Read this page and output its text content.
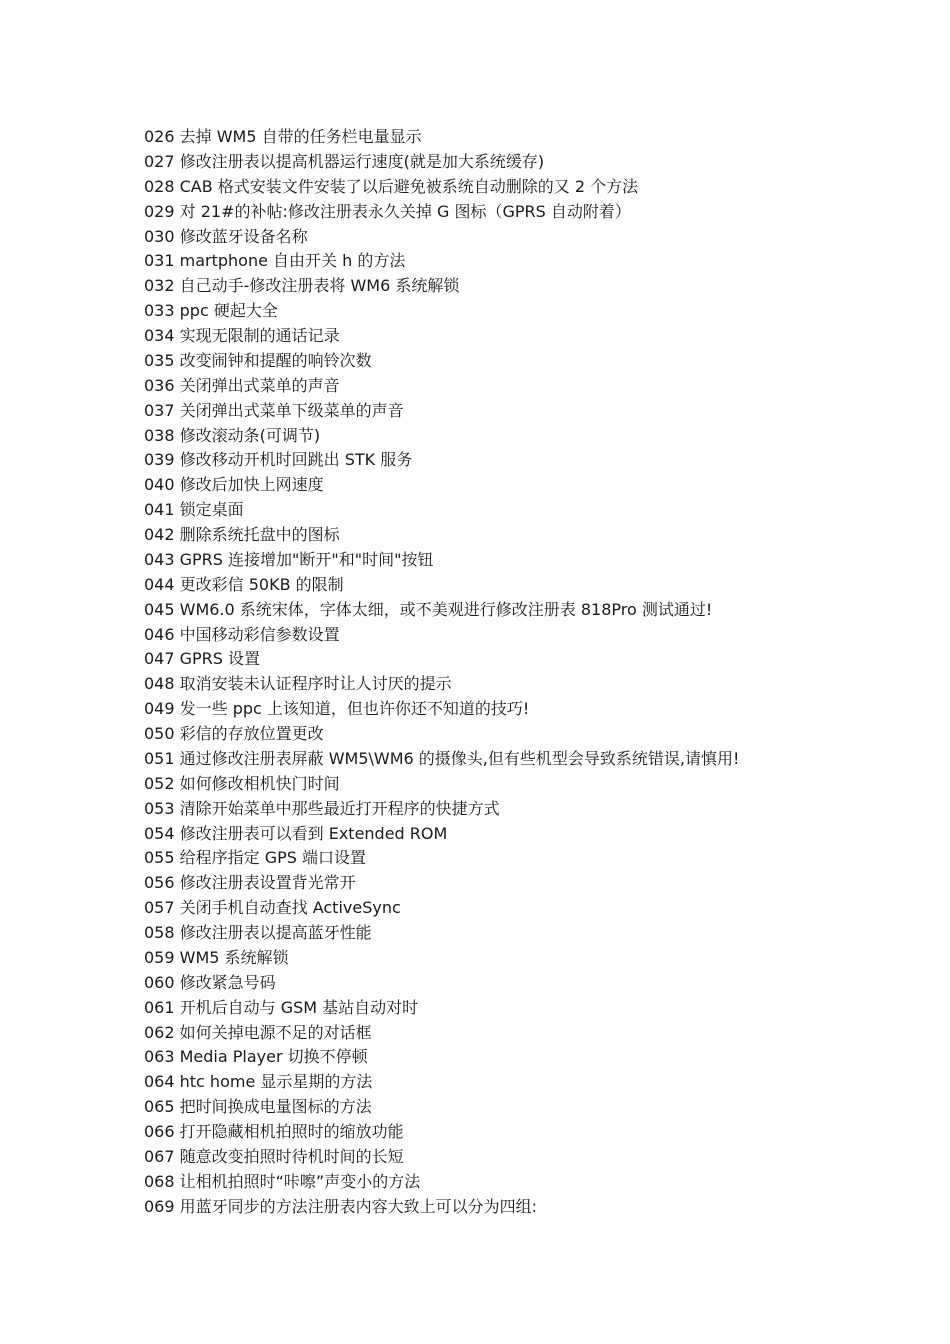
026 去掉 WM5 自带的任务栏电量显示
027 修改注册表以提高机器运行速度(就是加大系统缓存)
028 CAB 格式安装文件安装了以后避免被系统自动删除的又 2 个方法
029 对 21#的补帖:修改注册表永久关掉 G 图标（GPRS 自动附着）
030 修改蓝牙设备名称
031 martphone 自由开关 h 的方法
032 自己动手-修改注册表将 WM6 系统解锁
033 ppc 硬起大全
034 实现无限制的通话记录
035 改变闹钟和提醒的响铃次数
036 关闭弹出式菜单的声音
037 关闭弹出式菜单下级菜单的声音
038 修改滚动条(可调节)
039 修改移动开机时回跳出 STK 服务
040 修改后加快上网速度
041 锁定桌面
042 删除系统托盘中的图标
043 GPRS 连接增加"断开"和"时间"按钮
044 更改彩信 50KB 的限制
045 WM6.0 系统宋体，字体太细，或不美观进行修改注册表 818Pro 测试通过!
046 中国移动彩信参数设置
047 GPRS 设置
048 取消安装未认证程序时让人讨厌的提示
049 发一些 ppc 上该知道，但也许你还不知道的技巧!
050 彩信的存放位置更改
051 通过修改注册表屏蔽 WM5\WM6 的摄像头,但有些机型会导致系统错误,请慎用!
052 如何修改相机快门时间
053 清除开始菜单中那些最近打开程序的快捷方式
054 修改注册表可以看到 Extended ROM
055 给程序指定 GPS 端口设置
056 修改注册表设置背光常开
057 关闭手机自动查找 ActiveSync
058 修改注册表以提高蓝牙性能
059 WM5 系统解锁
060 修改紧急号码
061 开机后自动与 GSM 基站自动对时
062 如何关掉电源不足的对话框
063 Media Player 切换不停顿
064 htc home 显示星期的方法
065 把时间换成电量图标的方法
066 打开隐藏相机拍照时的缩放功能
067 随意改变拍照时待机时间的长短
068 让相机拍照时“咔嚓”声变小的方法
069 用蓝牙同步的方法注册表内容大致上可以分为四组:
